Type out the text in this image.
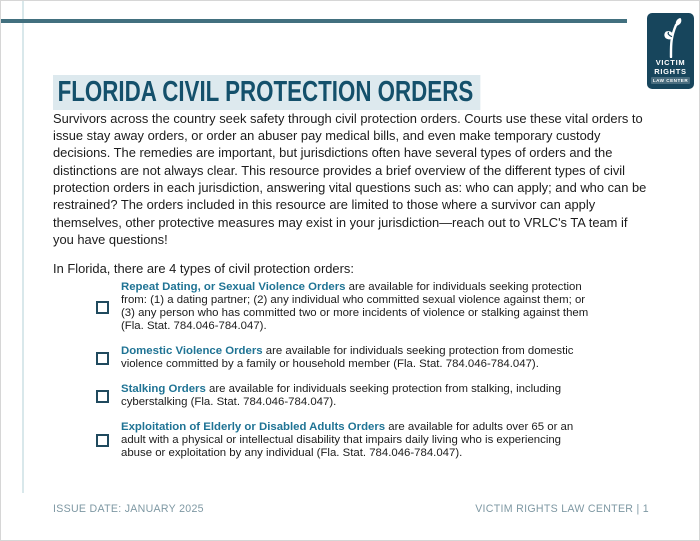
VICTIM
RIGHTS
LAW CENTER
FLORIDA CIVIL PROTECTION ORDERS

Survivors across the country seek safety through civil protection orders. Courts use these vital orders to issue stay away orders, or order an abuser pay medical bills, and even make temporary custody decisions. The remedies are important, but jurisdictions often have several types of orders and the distinctions are not always clear. This resource provides a brief overview of the different types of civil protection orders in each jurisdiction, answering vital questions such as: who can apply; and who can be restrained? The orders included in this resource are limited to those where a survivor can apply themselves, other protective measures may exist in your jurisdiction—reach out to VRLC's TA team if you have questions!

In Florida, there are 4 types of civil protection orders:

Repeat Dating, or Sexual Violence Orders are available for individuals seeking protection from: (1) a dating partner; (2) any individual who committed sexual violence against them; or (3) any person who has committed two or more incidents of violence or stalking against them (Fla. Stat. 784.046-784.047).

Domestic Violence Orders are available for individuals seeking protection from domestic violence committed by a family or household member (Fla. Stat. 784.046-784.047).

Stalking Orders are available for individuals seeking protection from stalking, including cyberstalking (Fla. Stat. 784.046-784.047).

Exploitation of Elderly or Disabled Adults Orders are available for adults over 65 or an adult with a physical or intellectual disability that impairs daily living who is experiencing abuse or exploitation by any individual (Fla. Stat. 784.046-784.047).

ISSUE DATE: JANUARY 2025	VICTIM RIGHTS LAW CENTER | 1
